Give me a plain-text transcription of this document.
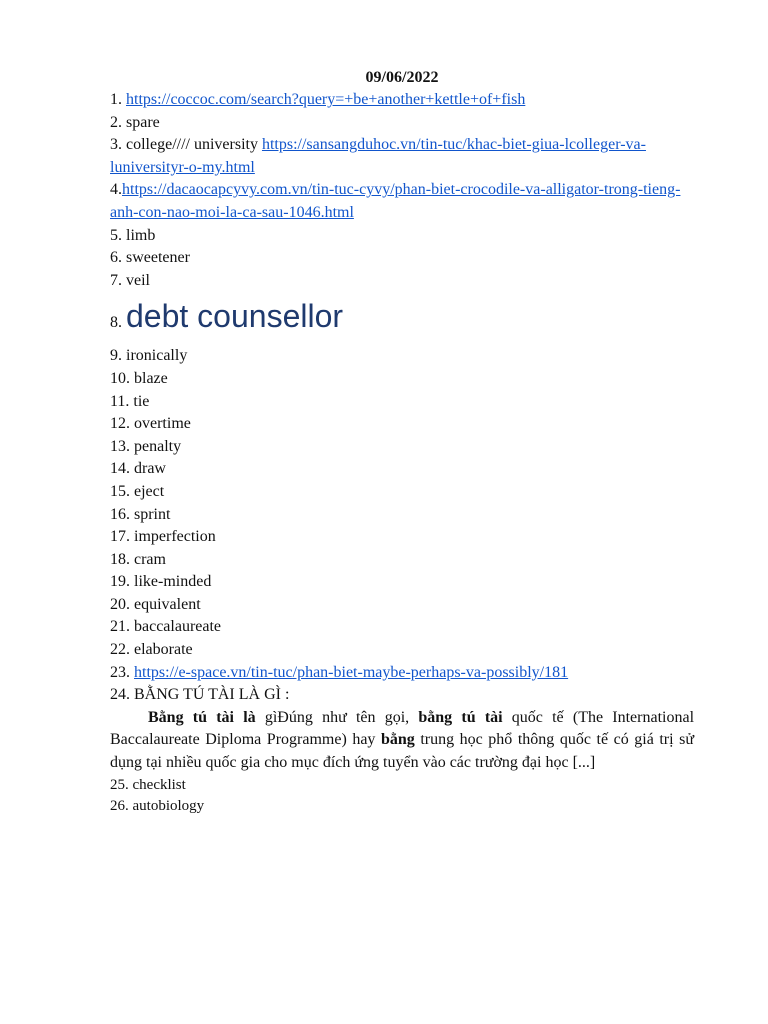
09/06/2022

1. https://coccoc.com/search?query=+be+another+kettle+of+fish

2. spare

3. college//// university https://sansangduhoc.vn/tin-tuc/khac-biet-giua-lcolleger-va-luniversityr-o-my.html

4.https://dacaocapcyvy.com.vn/tin-tuc-cyvy/phan-biet-crocodile-va-alligator-trong-tieng-anh-con-nao-moi-la-ca-sau-1046.html

5. limb

6. sweetener

7. veil

8. debt counsellor

9. ironically

10. blaze

11. tie

12. overtime

13. penalty

14. draw

15. eject

16. sprint

17. imperfection

18. cram

19. like-minded

20. equivalent

21. baccalaureate

22. elaborate

23. https://e-space.vn/tin-tuc/phan-biet-maybe-perhaps-va-possibly/181

24. BẰNG TÚ TÀI LÀ GÌ :

Bằng tú tài là gìĐúng như tên gọi, bằng tú tài quốc tế (The International Baccalaureate Diploma Programme) hay bằng trung học phổ thông quốc tế có giá trị sử dụng tại nhiều quốc gia cho mục đích ứng tuyển vào các trường đại học [...]

25. checklist

26. autobiology
